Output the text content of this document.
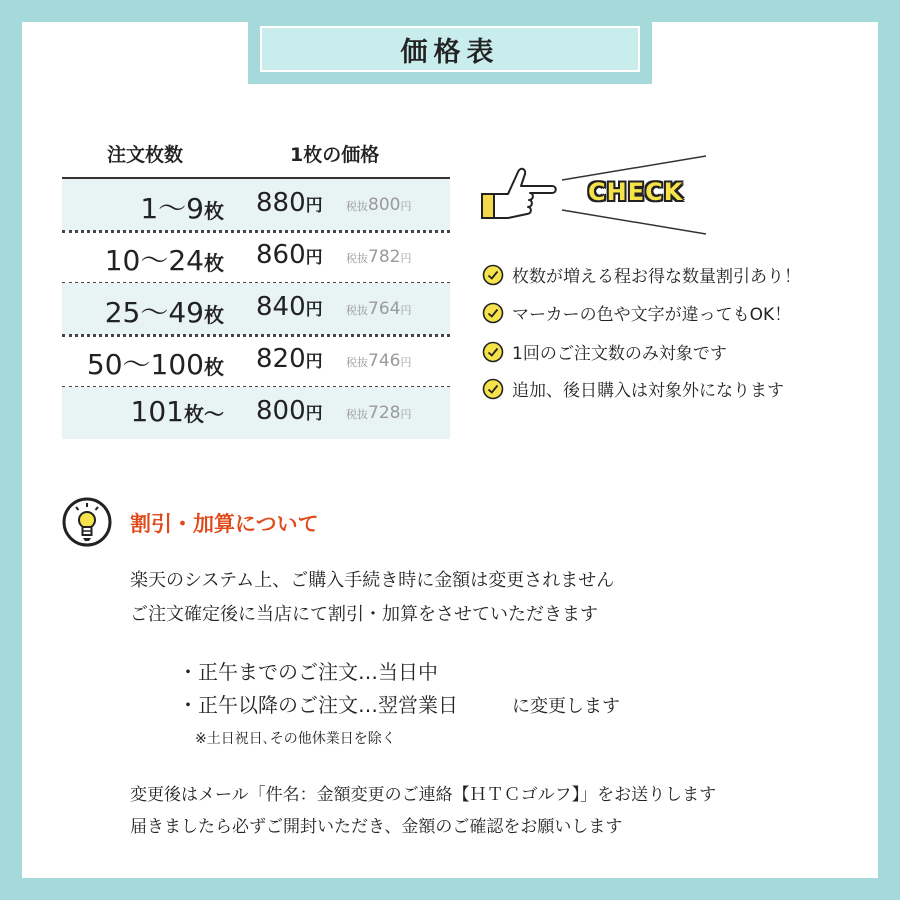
価格表
注文枚数	1枚の価格
1〜9枚 880円 税抜800円
10〜24枚 860円 税抜782円
25〜49枚 840円 税抜764円
50〜100枚 820円 税抜746円
101枚〜 800円 税抜728円
CHECK
枚数が増える程お得な数量割引あり！
マーカーの色や文字が違ってもOK！
1回のご注文数のみ対象です
追加、後日購入は対象外になります
割引・加算について
楽天のシステム上、ご購入手続き時に金額は変更されません
ご注文確定後に当店にて割引・加算をさせていただきます
・正午までのご注文…当日中
・正午以降のご注文…翌営業日	に変更します
※土日祝日､その他休業日を除く
変更後はメール「件名：金額変更のご連絡【ＨＴＣゴルフ】」をお送りします
届きましたら必ずご開封いただき、金額のご確認をお願いします
